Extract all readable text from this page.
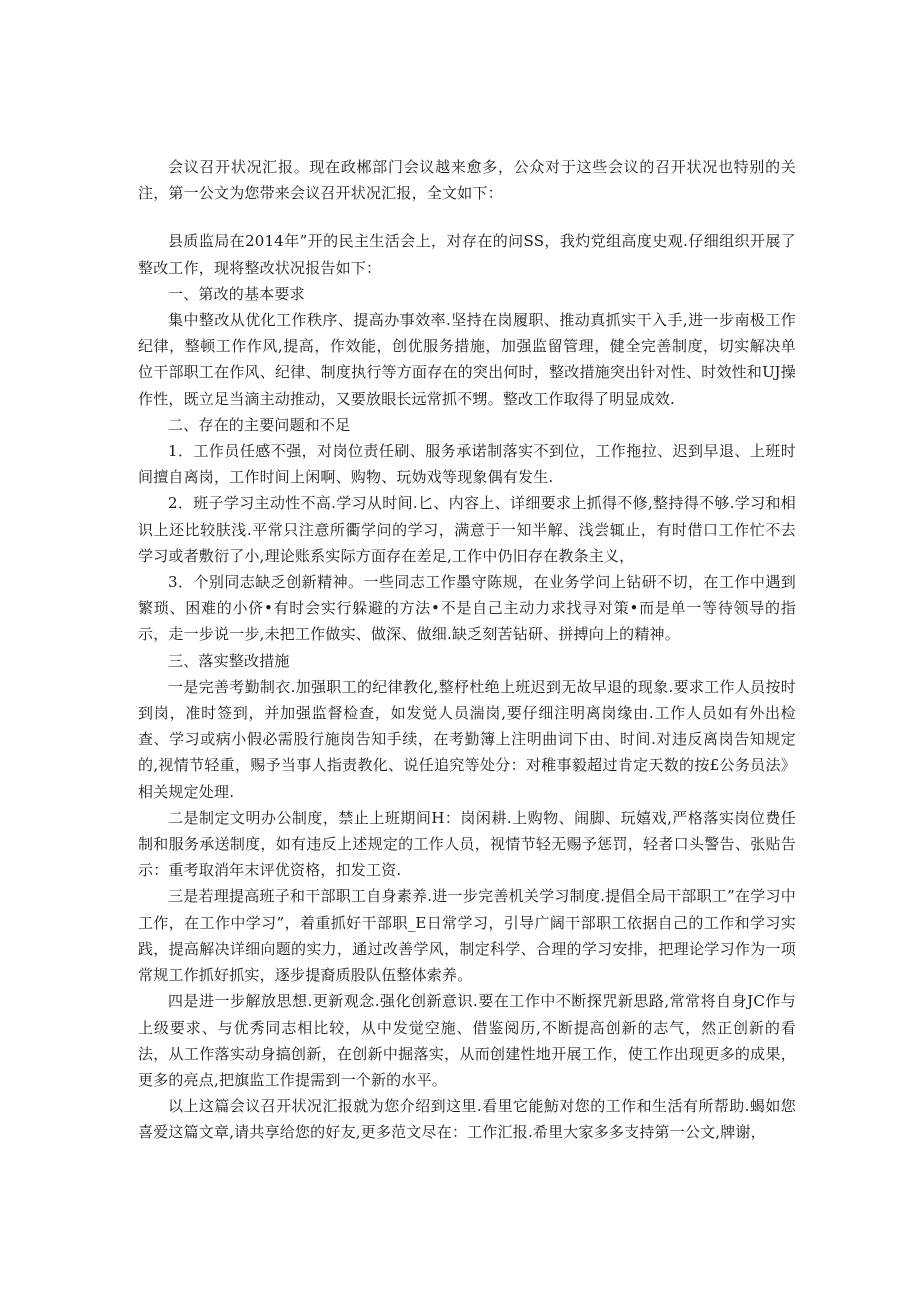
会议召开状况汇报。现在政郴部门会议越来愈多，公众对于这些会议的召开状况也特别的关注，第一公文为您带来会议召开状况汇报，全文如下：

县质监局在2014年”开的民主生活会上，对存在的问SS，我灼党组高度史观.仔细组织开展了整改工作，现将整改状况报告如下：

一、第改的基本要求

集中整改从优化工作秩序、提高办事效率.坚持在岗履职、推动真抓实干入手,进一步南极工作纪律，整顿工作作风,提高，作效能，创优服务措施，加强监留管理，健全完善制度，切实解决单位干部职工在作风、纪律、制度执行等方面存在的突出何时，整改措施突出针对性、时效性和UJ操作性，既立足当滴主动推动，又要放眼长远常抓不甥。整改工作取得了明显成效.

二、存在的主要问题和不足

1．工作员任感不强，对岗位责任刷、服务承诺制落实不到位，工作拖拉、迟到早退、上班时间擅自离岗，工作时间上闲啊、购物、玩妫戏等现象偶有发生.

2．班子学习主动性不高.学习从时间.匕、内容上、详细要求上抓得不修,整持得不够.学习和相识上还比较肤浅.平常只注意所衢学问的学习，满意于一知半解、浅尝辄止，有时借口工作忙不去学习或者敷衍了小,理论账系实际方面存在差足,工作中仍旧存在教条主义，

3．个别同志缺乏创新精神。一些同志工作墨守陈规，在业务学问上钻研不切，在工作中遇到繁琐、困难的小侪•有时会实行躲避的方法•不是自己主动力求找寻对策•而是单一等待领导的指示，走一步说一步,未把工作做实、做深、做细.缺乏刻苦钻研、拼搏向上的精神。

三、落实整改措施

一是完善考勤制衣.加强职工的纪律教化,整杼杜绝上班迟到无故早退的现象.要求工作人员按时到岗，准时签到，并加强监督检查，如发觉人员湍岗,要仔细注明离岗缘由.工作人员如有外出检查、学习或病小假必需股行施岗告知手续，在考勤簿上注明曲词下由、时间.对违反离岗告知规定的,视情节轻重，赐予当事人指责教化、说任追究等处分：对稚事毅超过肯定天数的按£公务员法》相关规定处理.

二是制定文明办公制度，禁止上班期间H：岗闲耕.上购物、闹脚、玩嬉戏,严格落实岗位费任制和服务承送制度，如有违反上述规定的工作人员，视情节轻无赐予惩罚，轻者口头警告、张贴告示：重考取消年末评优资格，扣发工资.

三是若理提高班子和干部职工自身素养.进一步完善机关学习制度.提倡全局干部职工”在学习中工作，在工作中学习”，着重抓好干部职_E日常学习，引导广阔干部职工依据自己的工作和学习实践，提高解决详细向题的实力，通过改善学风，制定科学、合理的学习安排，把理论学习作为一项常规工作抓好抓实，逐步提裔质股队伍整体索养。

四是进一步解放思想.更新观念.强化创新意识.要在工作中不断探咒新思路,常常将自身JC作与上级要求、与优秀同志相比较，从中发觉空施、借鉴阅历,不断提高创新的志气，然正创新的看法，从工作落实动身搞创新，在创新中掘落实，从而创建性地开展工作，使工作出现更多的成果，更多的亮点,把旗监工作提需到一个新的水平。

以上这篇会议召开状况汇报就为您介绍到这里.看里它能魴对您的工作和生活有所帮助.蝎如您喜爱这篇文章,请共享给您的好友,更多范文尽在：工作汇报.希里大家多多支持第一公文,牌谢，
